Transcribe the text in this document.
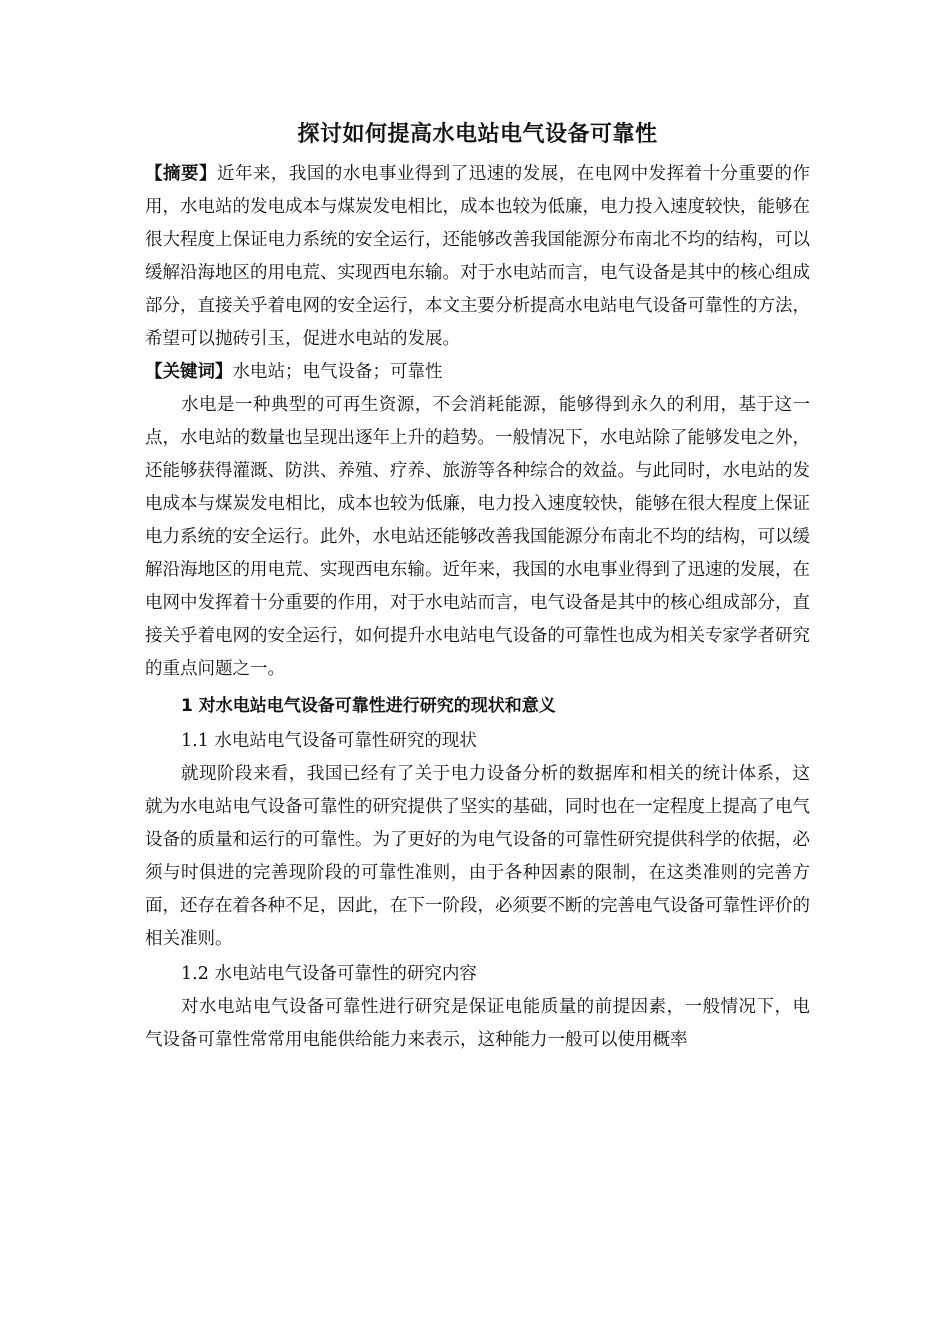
探讨如何提高水电站电气设备可靠性

【摘要】近年来，我国的水电事业得到了迅速的发展，在电网中发挥着十分重要的作用，水电站的发电成本与煤炭发电相比，成本也较为低廉，电力投入速度较快，能够在很大程度上保证电力系统的安全运行，还能够改善我国能源分布南北不均的结构，可以缓解沿海地区的用电荒、实现西电东输。对于水电站而言，电气设备是其中的核心组成部分，直接关乎着电网的安全运行，本文主要分析提高水电站电气设备可靠性的方法，希望可以抛砖引玉，促进水电站的发展。

【关键词】水电站；电气设备；可靠性

水电是一种典型的可再生资源，不会消耗能源，能够得到永久的利用，基于这一点，水电站的数量也呈现出逐年上升的趋势。一般情况下，水电站除了能够发电之外，还能够获得灌溉、防洪、养殖、疗养、旅游等各种综合的效益。与此同时，水电站的发电成本与煤炭发电相比，成本也较为低廉，电力投入速度较快，能够在很大程度上保证电力系统的安全运行。此外，水电站还能够改善我国能源分布南北不均的结构，可以缓解沿海地区的用电荒、实现西电东输。近年来，我国的水电事业得到了迅速的发展，在电网中发挥着十分重要的作用，对于水电站而言，电气设备是其中的核心组成部分，直接关乎着电网的安全运行，如何提升水电站电气设备的可靠性也成为相关专家学者研究的重点问题之一。

1 对水电站电气设备可靠性进行研究的现状和意义
1.1 水电站电气设备可靠性研究的现状

就现阶段来看，我国已经有了关于电力设备分析的数据库和相关的统计体系，这就为水电站电气设备可靠性的研究提供了坚实的基础，同时也在一定程度上提高了电气设备的质量和运行的可靠性。为了更好的为电气设备的可靠性研究提供科学的依据，必须与时俱进的完善现阶段的可靠性准则，由于各种因素的限制，在这类准则的完善方面，还存在着各种不足，因此，在下一阶段，必须要不断的完善电气设备可靠性评价的相关准则。

1.2 水电站电气设备可靠性的研究内容

对水电站电气设备可靠性进行研究是保证电能质量的前提因素，一般情况下，电气设备可靠性常常用电能供给能力来表示，这种能力一般可以使用概率
